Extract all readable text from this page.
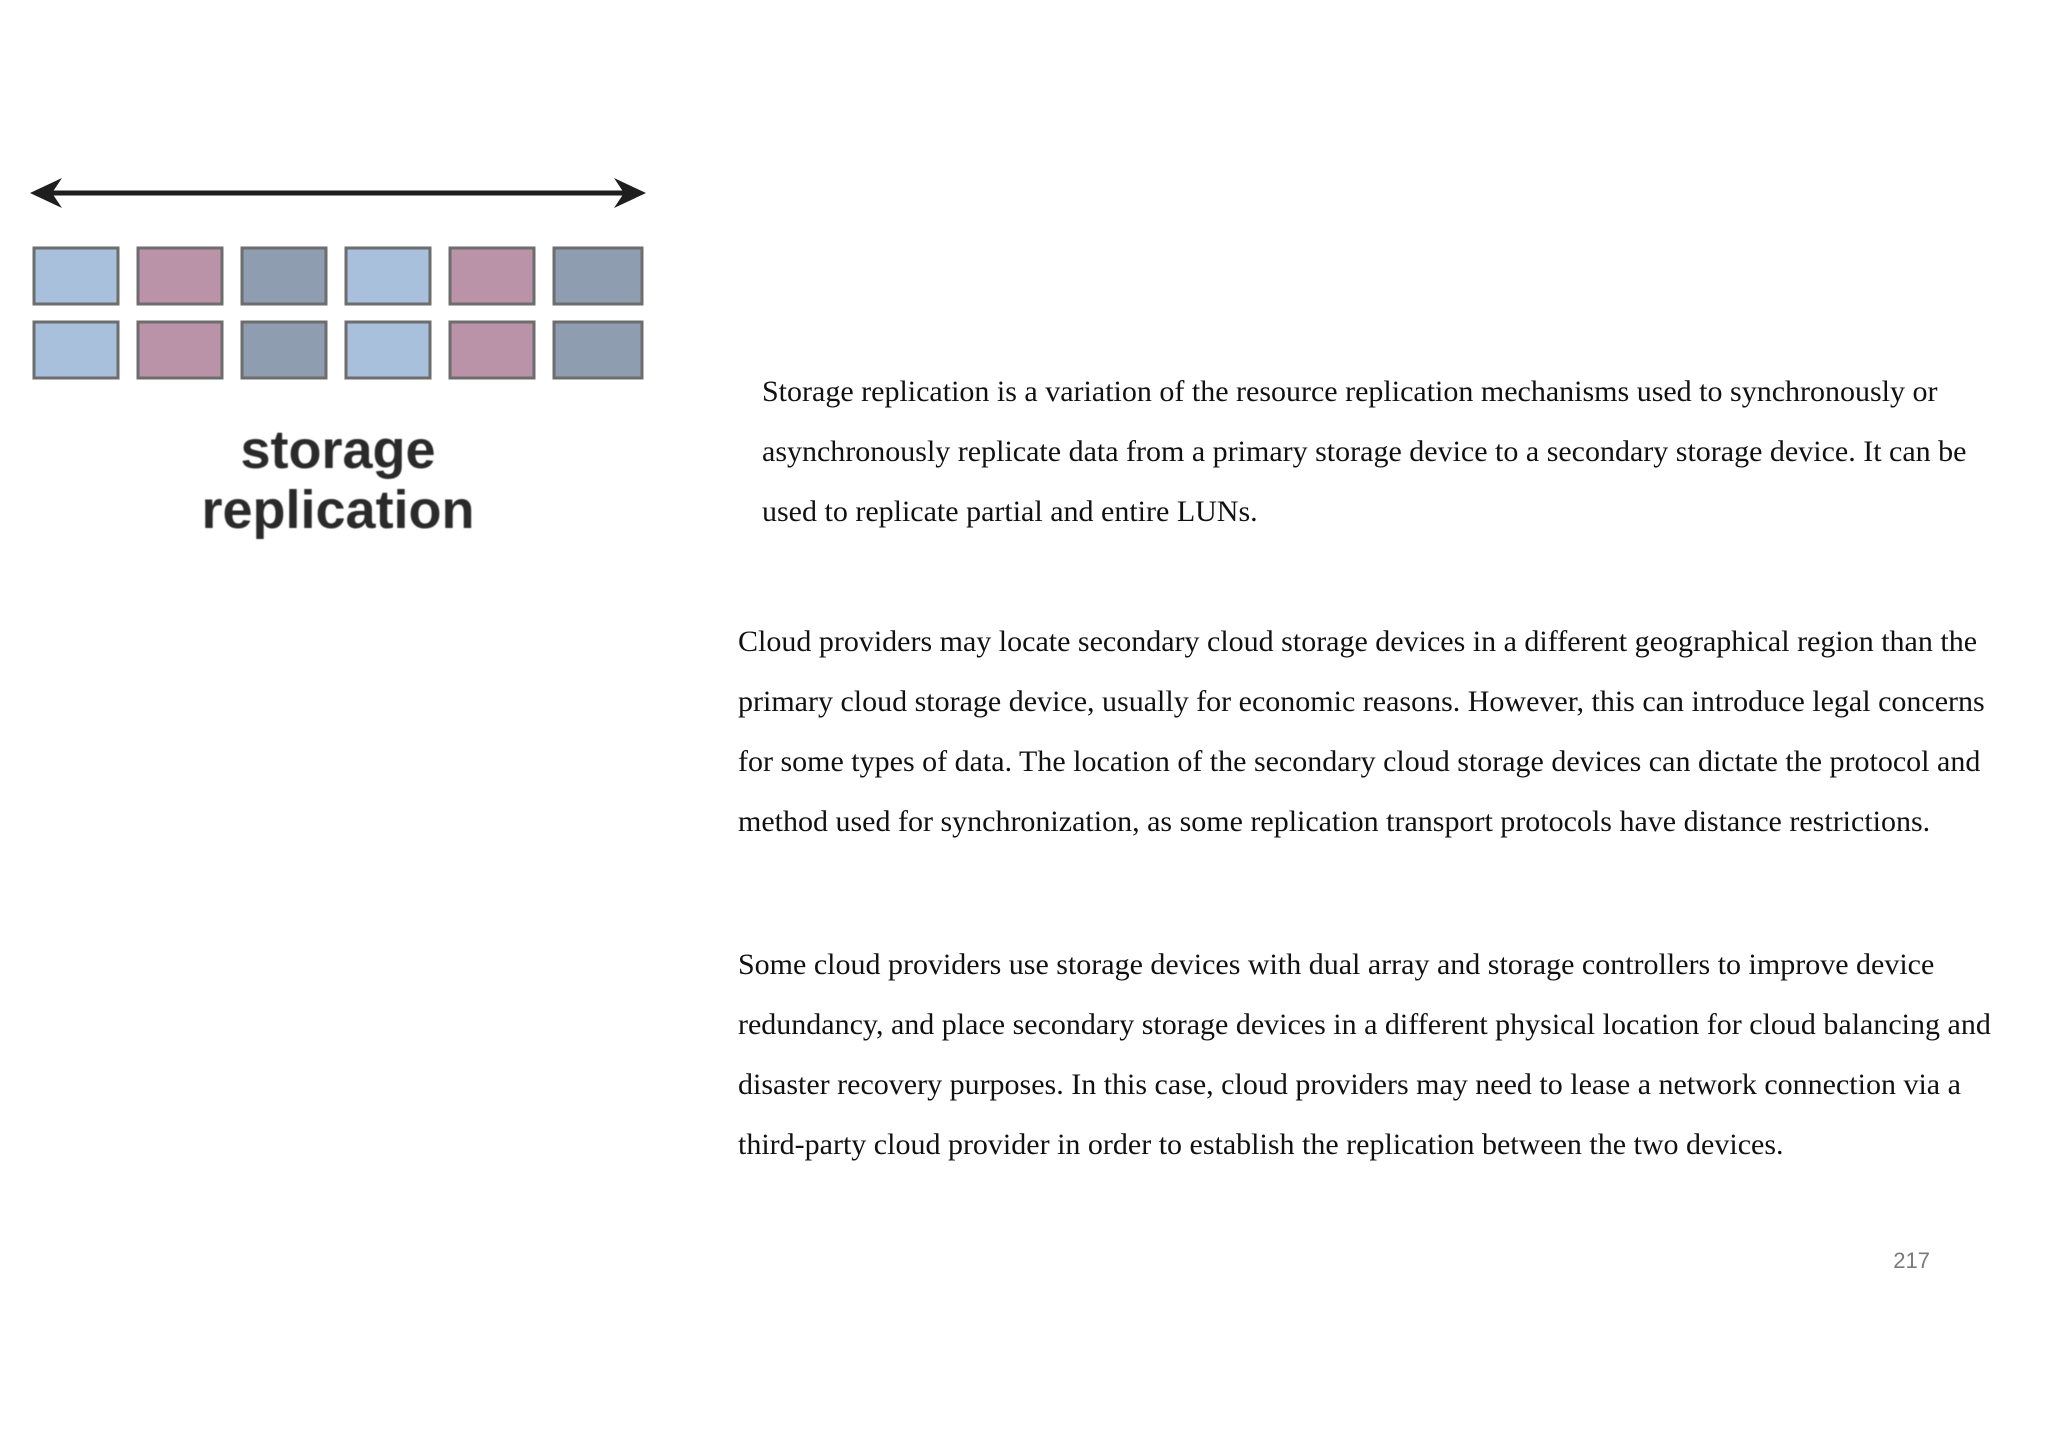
storage
replication

Storage replication is a variation of the resource replication mechanisms used to synchronously or asynchronously replicate data from a primary storage device to a secondary storage device. It can be used to replicate partial and entire LUNs.

Cloud providers may locate secondary cloud storage devices in a different geographical region than the primary cloud storage device, usually for economic reasons. However, this can introduce legal concerns for some types of data. The location of the secondary cloud storage devices can dictate the protocol and method used for synchronization, as some replication transport protocols have distance restrictions.

Some cloud providers use storage devices with dual array and storage controllers to improve device redundancy, and place secondary storage devices in a different physical location for cloud balancing and disaster recovery purposes. In this case, cloud providers may need to lease a network connection via a third-party cloud provider in order to establish the replication between the two devices.

217
